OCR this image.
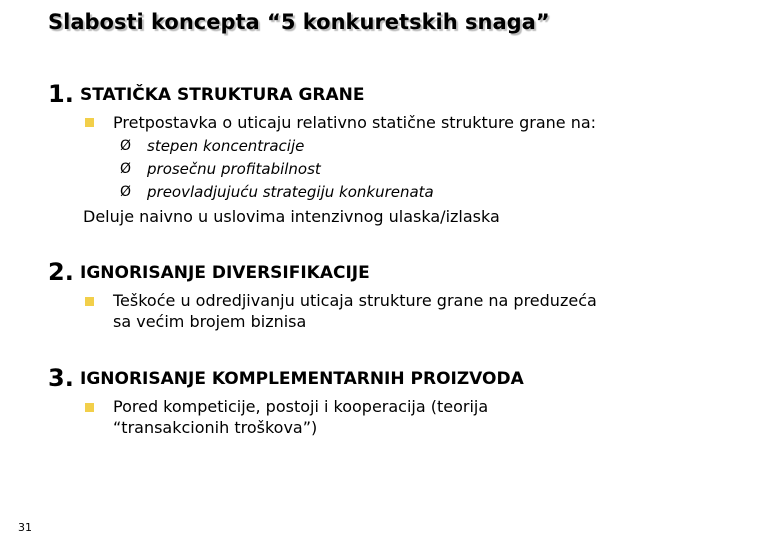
Slabosti koncepta “5 konkuretskih snaga”
1. STATIČKA STRUKTURA GRANE
Pretpostavka o uticaju relativno statične strukture grane na:
Ø stepen koncentracije
Ø prosečnu profitabilnost
Ø preovladjujuću strategiju konkurenata
Deluje naivno u uslovima intenzivnog ulaska/izlaska
2. IGNORISANJE DIVERSIFIKACIJE
Teškoće u odredjivanju uticaja strukture grane na preduzeća
sa većim brojem biznisa
3. IGNORISANJE KOMPLEMENTARNIH PROIZVODA
Pored kompeticije, postoji i kooperacija (teorija
“transakcionih troškova”)
31
